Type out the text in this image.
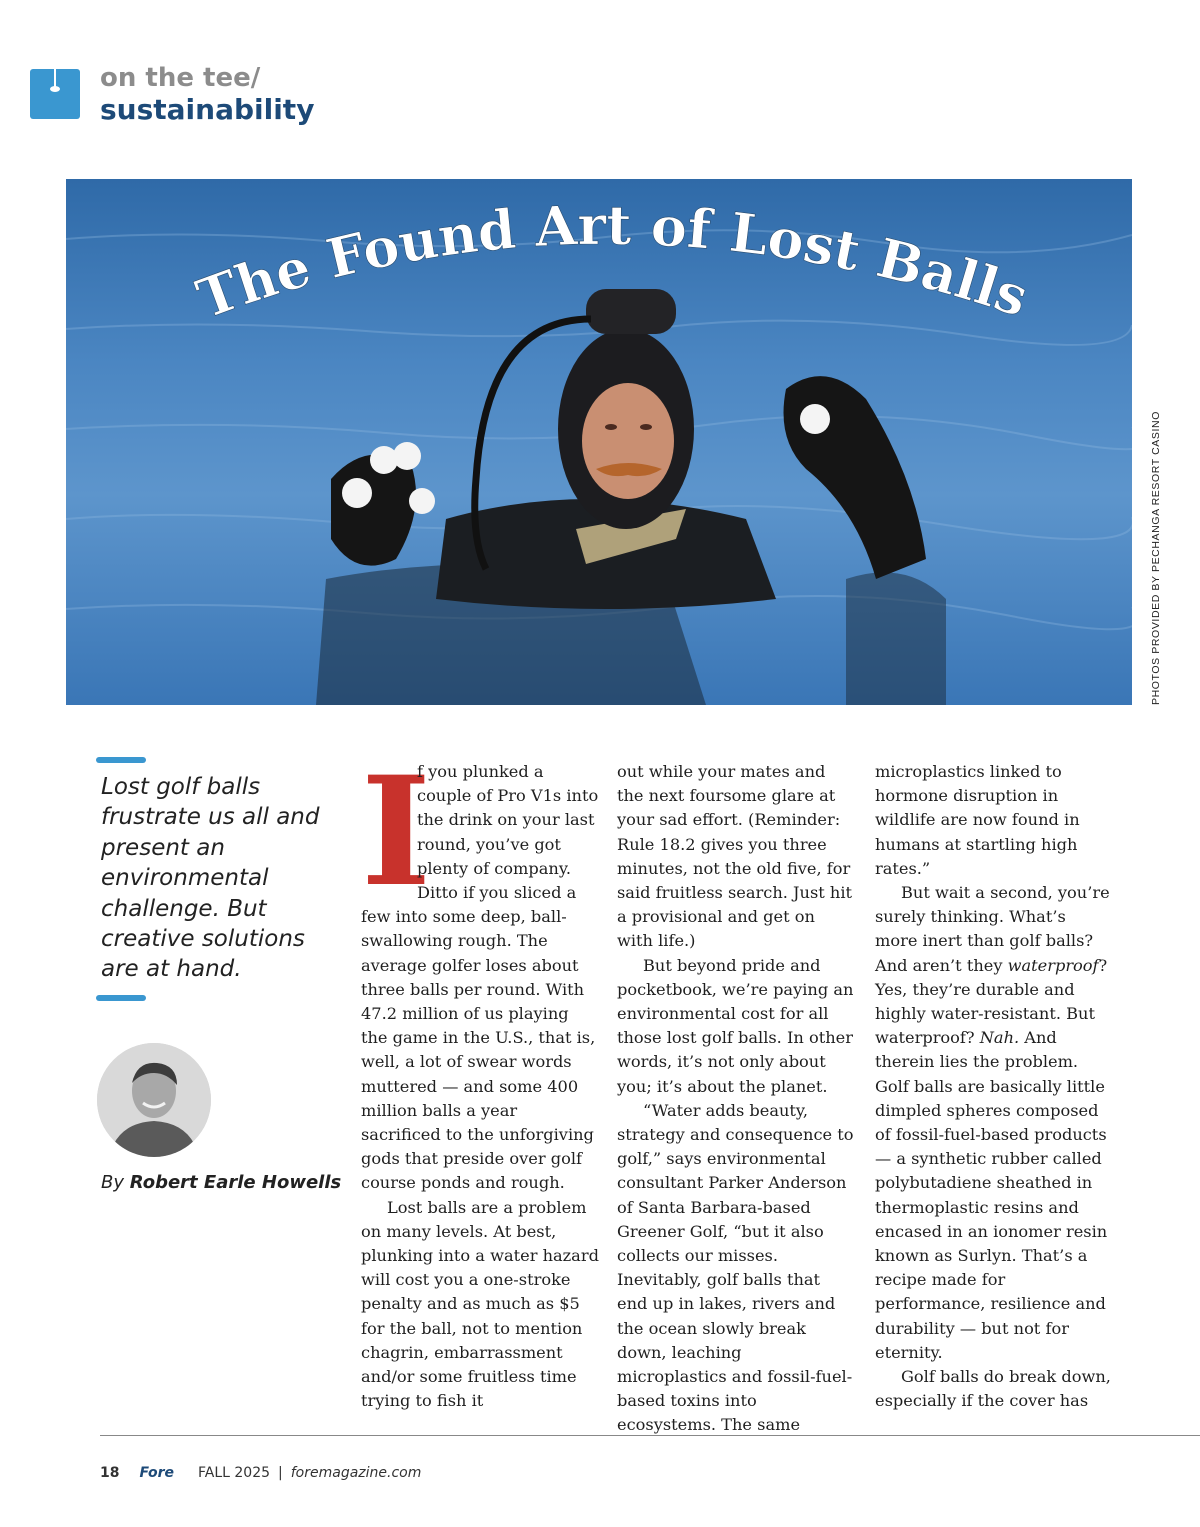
on the tee/
sustainability
The Found Art of Lost Balls
PHOTOS PROVIDED BY PECHANGA RESORT CASINO
Lost golf balls frustrate us all and present an environmental challenge. But creative solutions are at hand.
By Robert Earle Howells
I

f you plunked a couple of Pro V1s into the drink on your last round, you’ve got plenty of company. Ditto if you sliced a few into some deep, ball-swallowing rough. The average golfer loses about three balls per round. With 47.2 million of us playing the game in the U.S., that is, well, a lot of swear words muttered — and some 400 million balls a year sacrificed to the unforgiving gods that preside over golf course ponds and rough.

Lost balls are a problem on many levels. At best, plunking into a water hazard will cost you a one-stroke penalty and as much as $5 for the ball, not to mention chagrin, embarrassment and/or some fruitless time trying to fish it

out while your mates and the next foursome glare at your sad effort. (Reminder: Rule 18.2 gives you three minutes, not the old five, for said fruitless search. Just hit a provisional and get on with life.)

But beyond pride and pocketbook, we’re paying an environmental cost for all those lost golf balls. In other words, it’s not only about you; it’s about the planet.

“Water adds beauty, strategy and consequence to golf,” says environmental consultant Parker Anderson of Santa Barbara-based Greener Golf, “but it also collects our misses. Inevitably, golf balls that end up in lakes, rivers and the ocean slowly break down, leaching microplastics and fossil-fuel-based toxins into ecosystems. The same

microplastics linked to hormone disruption in wildlife are now found in humans at startling high rates.”

But wait a second, you’re surely thinking. What’s more inert than golf balls? And aren’t they waterproof? Yes, they’re durable and highly water-resistant. But waterproof? Nah. And therein lies the problem. Golf balls are basically little dimpled spheres composed of fossil-fuel-based products — a synthetic rubber called polybutadiene sheathed in thermoplastic resins and encased in an ionomer resin known as Surlyn. That’s a recipe made for performance, resilience and durability — but not for eternity.

Golf balls do break down, especially if the cover has

18 Fore FALL 2025 | foremagazine.com
